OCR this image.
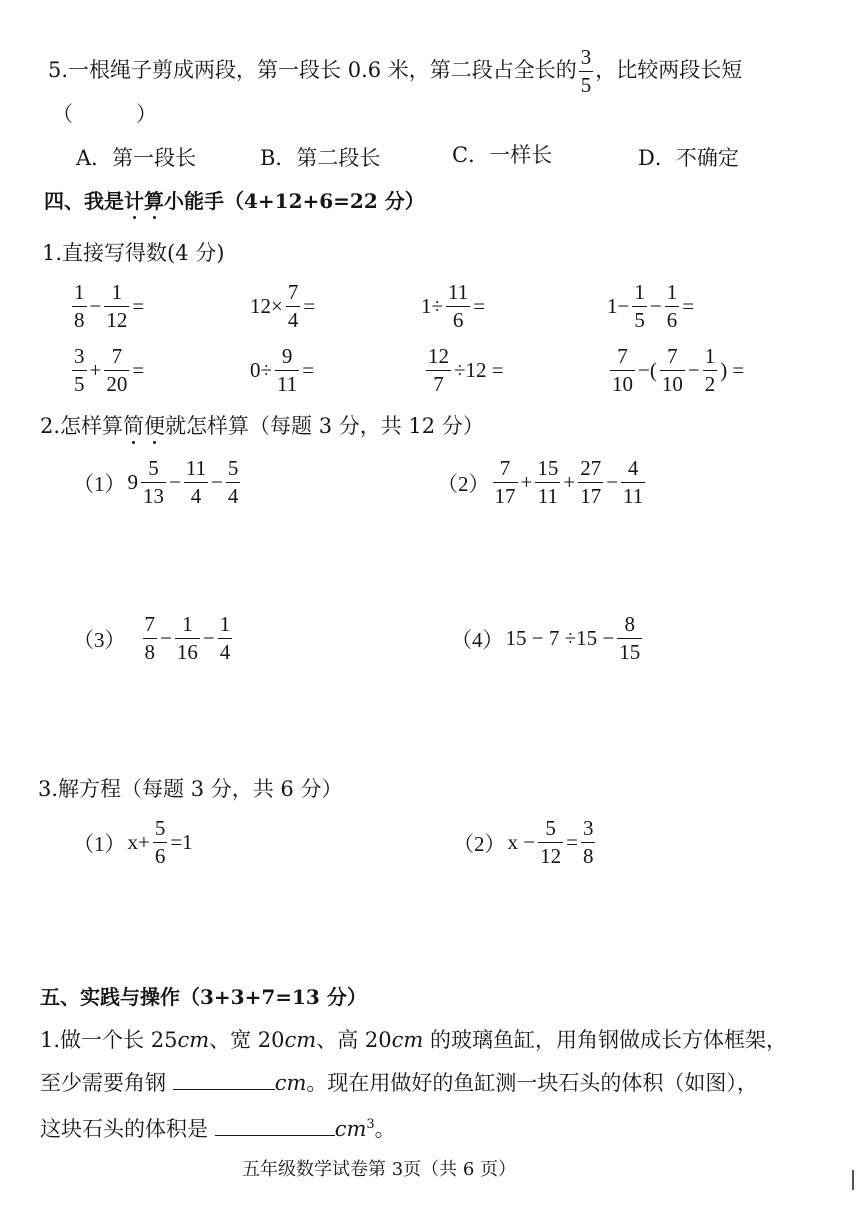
5.一根绳子剪成两段，第一段长 0.6 米，第二段占全长的 $\frac{3}{5}$ ，比较两段长短
（　　　）
A．第一段长	B．第二段长	C．一样长	D．不确定
四、我是计算小能手（4+12+6=22 分）
1.直接写得数(4 分)
$\frac{1}{8} - \frac{1}{12}$ =	$12\times \frac{7}{4}$ =	$1\div \frac{11}{6}$ =	$1- \frac{1}{5} - \frac{1}{6}$ =
$\frac{3}{5} + \frac{7}{20}$ =	$0\div \frac{9}{11}$ =	$\frac{12}{7} \div 12$ =	$\frac{7}{10}$ −( $\frac{7}{10} - \frac{1}{2}$ ) =
2.怎样算简便就怎样算（每题 3 分，共 12 分）
$(1)9 \frac{5}{13} - \frac{11}{4} - \frac{5}{4}$	$(2) \frac{7}{17} + \frac{15}{11} + \frac{27}{17} - \frac{4}{11}$
$(3) \frac{7}{8} - \frac{1}{16} - \frac{1}{4}$	$(4)15 - 7 \div 15 - \frac{8}{15}$
3.解方程（每题 3 分，共 6 分）
$(1)x+ \frac{5}{6} =1$	$(2)x - \frac{5}{12} = \frac{3}{8}$
五、实践与操作（3+3+7=13 分）
1.做一个长 25cm、宽 20cm、高 20cm 的玻璃鱼缸，用角钢做成长方体框架，
至少需要角钢	cm。现在用做好的鱼缸测一块石头的体积（如图），
这块石头的体积是	$cm^3$。
五年级数学试卷第 3页（共 6 页）
